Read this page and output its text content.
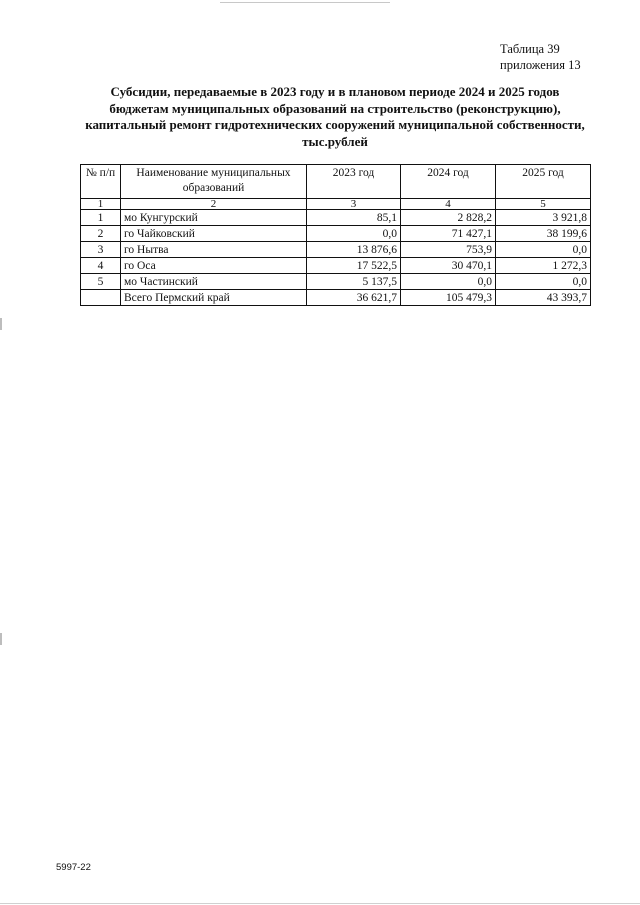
Таблица 39
приложения 13
Субсидии, передаваемые в 2023 году и в плановом периоде 2024 и 2025 годов
бюджетам муниципальных образований на строительство (реконструкцию),
капитальный ремонт гидротехнических сооружений муниципальной собственности,
тыс.рублей
№ п/п	Наименование муниципальных образований	2023 год	2024 год	2025 год
1	2	3	4	5
1	мо Кунгурский	85,1	2 828,2	3 921,8
2	го Чайковский	0,0	71 427,1	38 199,6
3	го Нытва	13 876,6	753,9	0,0
4	го Оса	17 522,5	30 470,1	1 272,3
5	мо Частинский	5 137,5	0,0	0,0
	Всего Пермский край	36 621,7	105 479,3	43 393,7
5997-22
